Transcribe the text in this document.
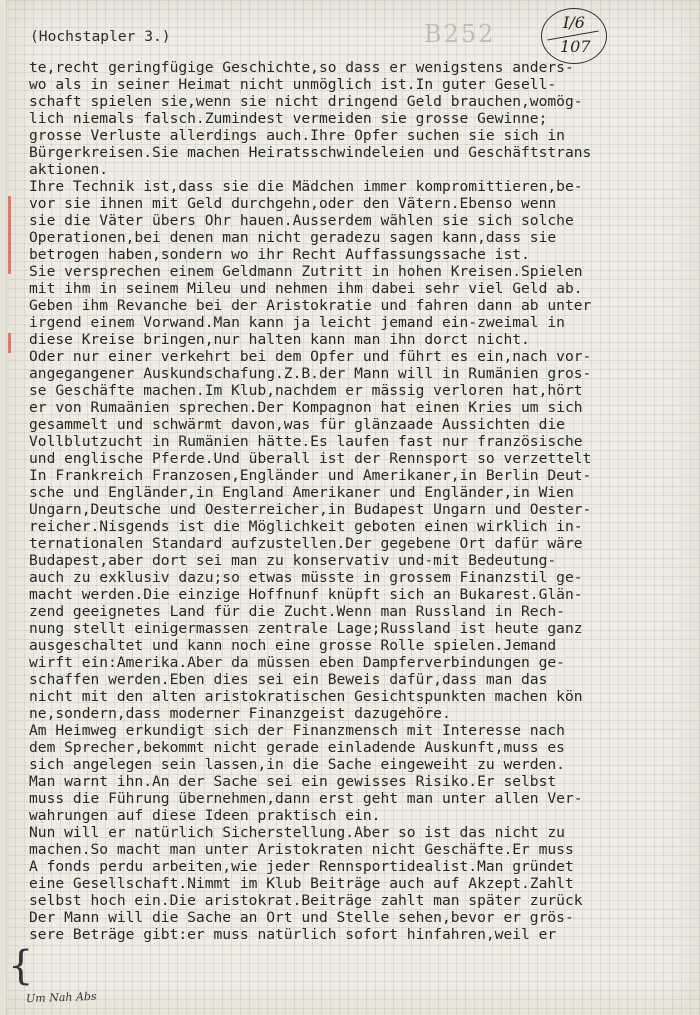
(Hochstapler 3.)	B252	I/6
107
te,recht geringfügige Geschichte,so dass er wenigstens anders-
wo als in seiner Heimat nicht unmöglich ist.In guter Gesell-
schaft spielen sie,wenn sie nicht dringend Geld brauchen,womög-
lich niemals falsch.Zumindest vermeiden sie grosse Gewinne;
grosse Verluste allerdings auch.Ihre Opfer suchen sie sich in
Bürgerkreisen.Sie machen Heiratsschwindeleien und Geschäftstrans
aktionen.
Ihre Technik ist,dass sie die Mädchen immer kompromittieren,be-
vor sie ihnen mit Geld durchgehn,oder den Vätern.Ebenso wenn
sie die Väter übers Ohr hauen.Ausserdem wählen sie sich solche
Operationen,bei denen man nicht geradezu sagen kann,dass sie
betrogen haben,sondern wo ihr Recht Auffassungssache ist.
Sie versprechen einem Geldmann Zutritt in hohen Kreisen.Spielen
mit ihm in seinem Mileu und nehmen ihm dabei sehr viel Geld ab.
Geben ihm Revanche bei der Aristokratie und fahren dann ab unter
irgend einem Vorwand.Man kann ja leicht jemand ein-zweimal in
diese Kreise bringen,nur halten kann man ihn dorct nicht.
Oder nur einer verkehrt bei dem Opfer und führt es ein,nach vor-
angegangener Auskundschafung.Z.B.der Mann will in Rumänien gros-
se Geschäfte machen.Im Klub,nachdem er mässig verloren hat,hört
er von Rumaänien sprechen.Der Kompagnon hat einen Kries um sich
gesammelt und schwärmt davon,was für glänzaade Aussichten die
Vollblutzucht in Rumänien hätte.Es laufen fast nur französische
und englische Pferde.Und überall ist der Rennsport so verzettelt
In Frankreich Franzosen,Engländer und Amerikaner,in Berlin Deut-
sche und Engländer,in England Amerikaner und Engländer,in Wien
Ungarn,Deutsche und Oesterreicher,in Budapest Ungarn und Oester-
reicher.Nisgends ist die Möglichkeit geboten einen wirklich in-
ternationalen Standard aufzustellen.Der gegebene Ort dafür wäre
Budapest,aber dort sei man zu konservativ und-mit Bedeutung-
auch zu exklusiv dazu;so etwas müsste in grossem Finanzstil ge-
macht werden.Die einzige Hoffnunf knüpft sich an Bukarest.Glän-
zend geeignetes Land für die Zucht.Wenn man Russland in Rech-
nung stellt einigermassen zentrale Lage;Russland ist heute ganz
ausgeschaltet und kann noch eine grosse Rolle spielen.Jemand
wirft ein:Amerika.Aber da müssen eben Dampferverbindungen ge-
schaffen werden.Eben dies sei ein Beweis dafür,dass man das
nicht mit den alten aristokratischen Gesichtspunkten machen kön
ne,sondern,dass moderner Finanzgeist dazugehöre.
Am Heimweg erkundigt sich der Finanzmensch mit Interesse nach
dem Sprecher,bekommt nicht gerade einladende Auskunft,muss es
sich angelegen sein lassen,in die Sache eingeweiht zu werden.
Man warnt ihn.An der Sache sei ein gewisses Risiko.Er selbst
muss die Führung übernehmen,dann erst geht man unter allen Ver-
wahrungen auf diese Ideen praktisch ein.
Nun will er natürlich Sicherstellung.Aber so ist das nicht zu
machen.So macht man unter Aristokraten nicht Geschäfte.Er muss
A fonds perdu arbeiten,wie jeder Rennsportidealist.Man gründet
eine Gesellschaft.Nimmt im Klub Beiträge auch auf Akzept.Zahlt
selbst hoch ein.Die aristokrat.Beiträge zahlt man später zurück
Der Mann will die Sache an Ort und Stelle sehen,bevor er grös-
sere Beträge gibt:er muss natürlich sofort hinfahren,weil er
{
Um Nah Abs
